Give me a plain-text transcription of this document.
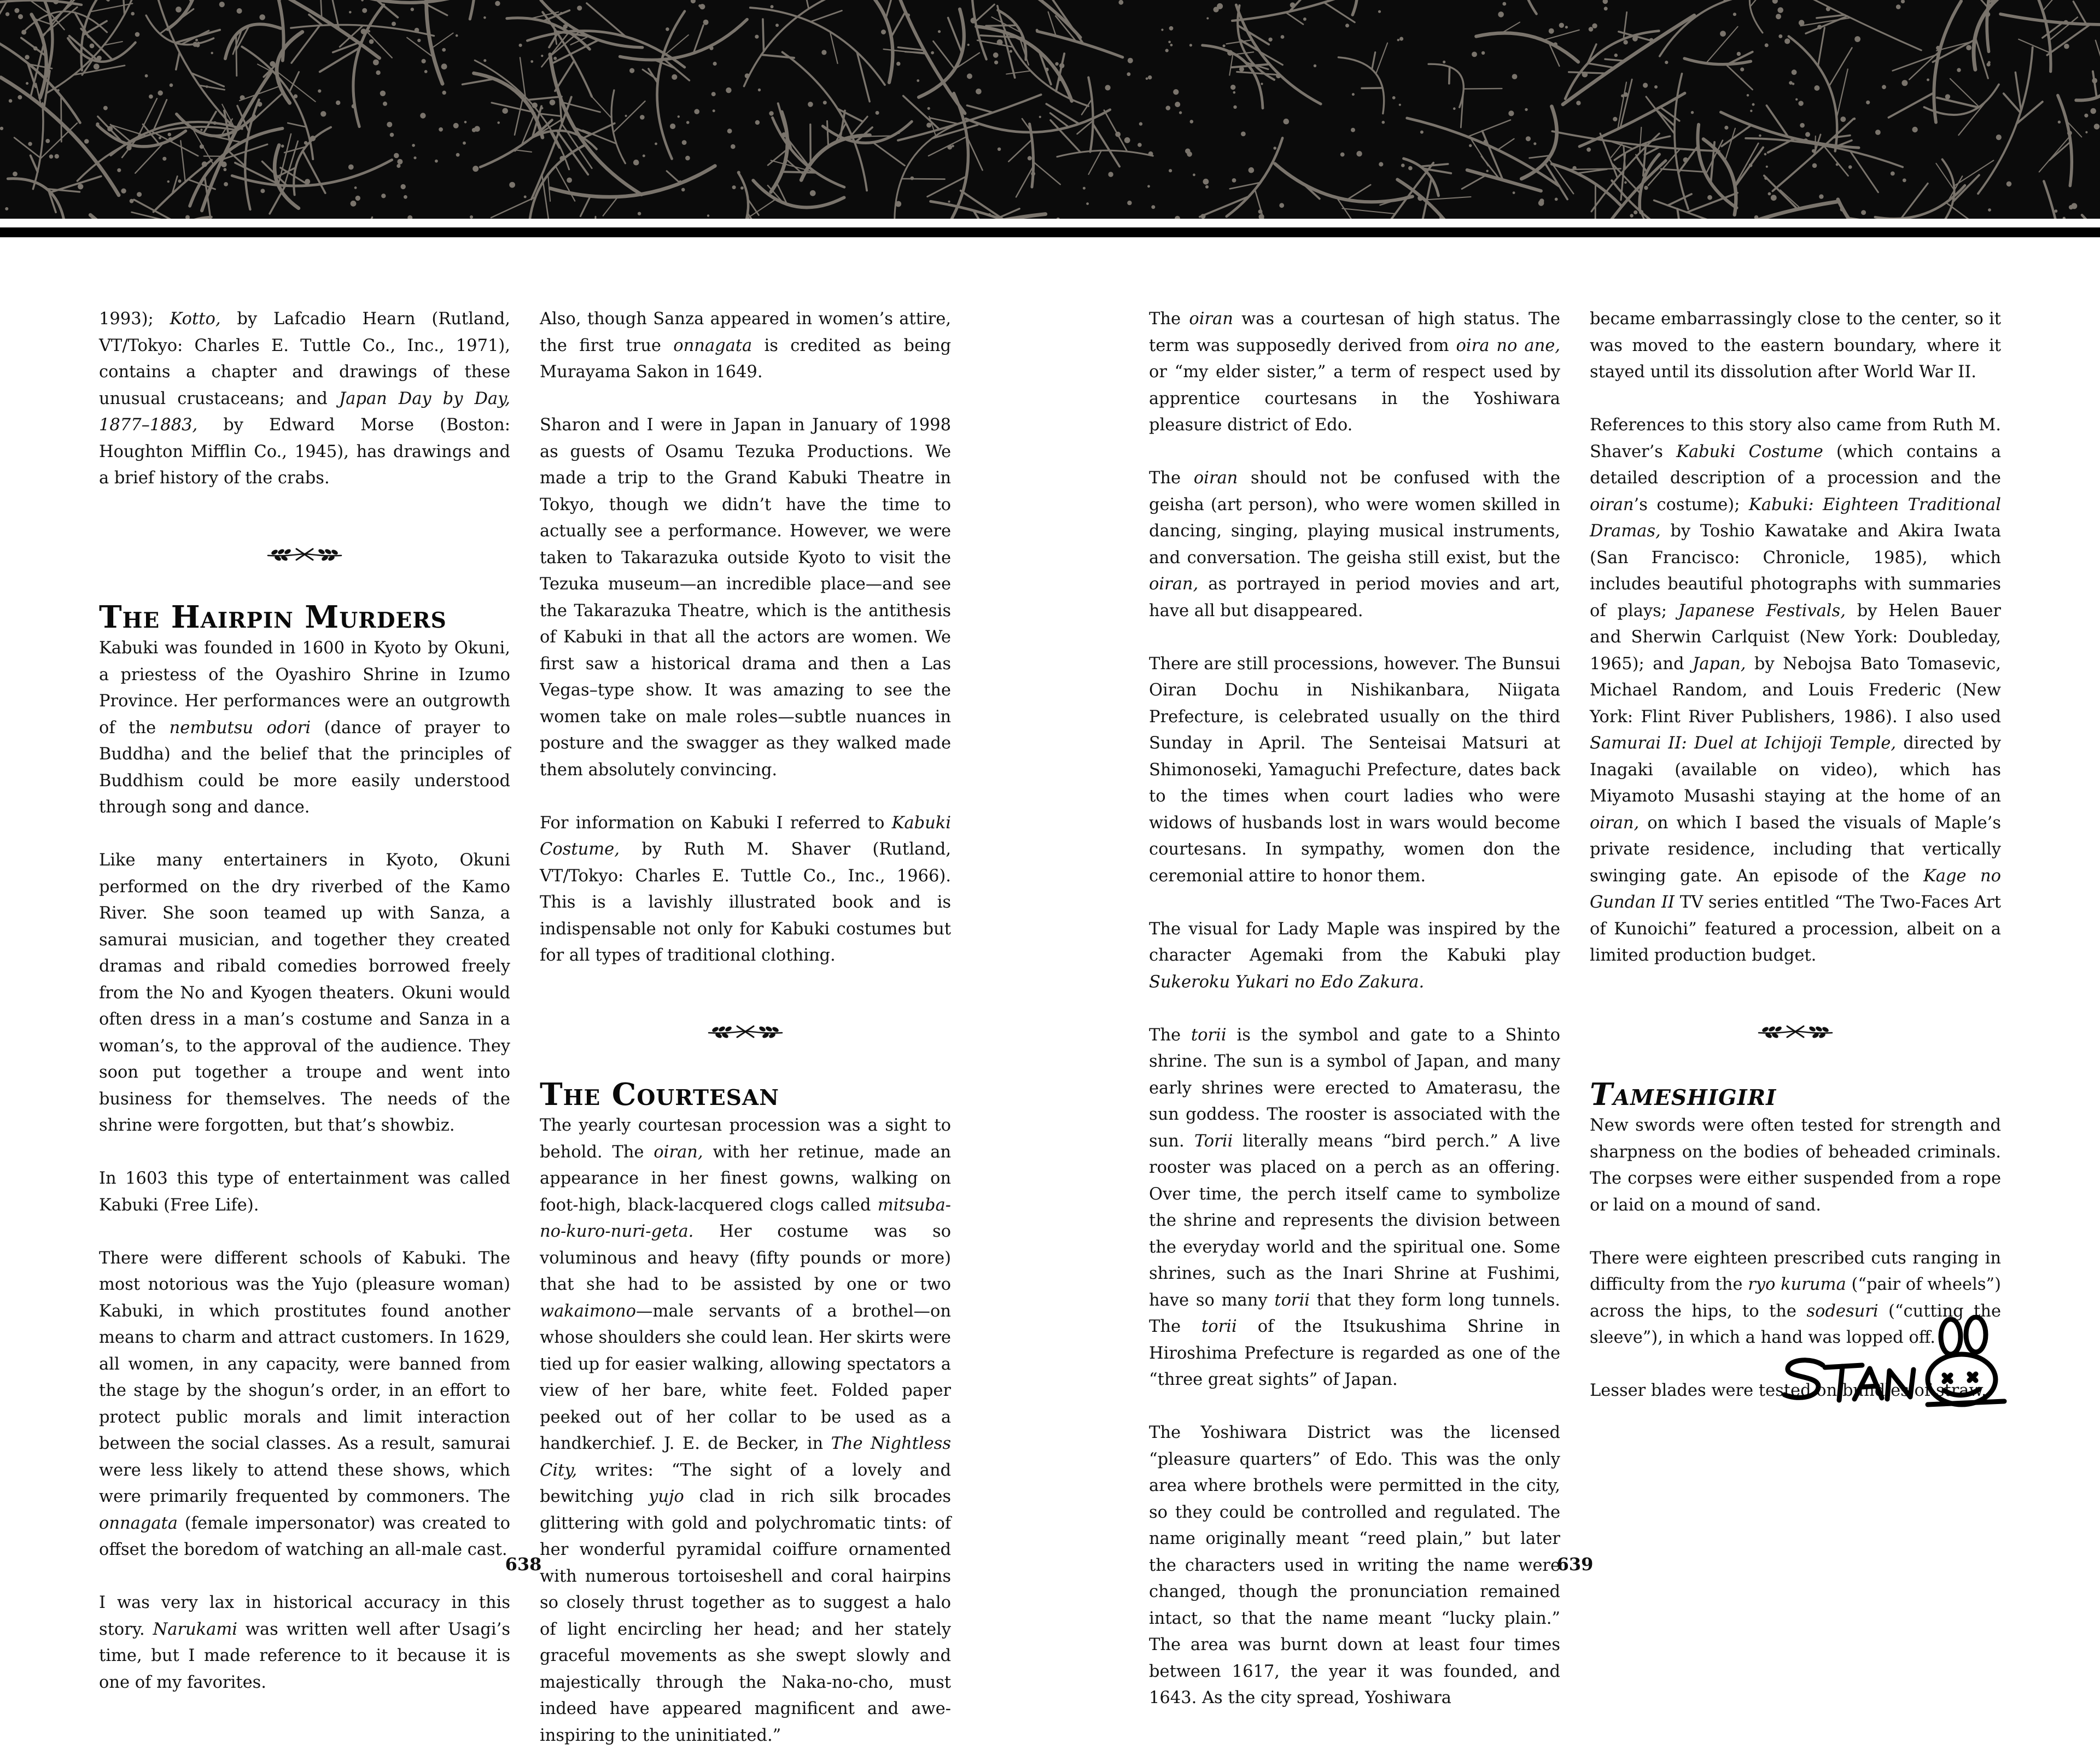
1993); Kotto, by Lafcadio Hearn (Rutland, VT/Tokyo: Charles E. Tuttle Co., Inc., 1971), contains a chapter and drawings of these unusual crustaceans; and Japan Day by Day, 1877–1883, by Edward Morse (Boston: Houghton Mifflin Co., 1945), has drawings and a brief history of the crabs.

The Hairpin Murders

Kabuki was founded in 1600 in Kyoto by Okuni, a priestess of the Oyashiro Shrine in Izumo Province. Her performances were an outgrowth of the nembutsu odori (dance of prayer to Buddha) and the belief that the principles of Buddhism could be more easily understood through song and dance.

Like many entertainers in Kyoto, Okuni performed on the dry riverbed of the Kamo River. She soon teamed up with Sanza, a samurai musician, and together they created dramas and ribald comedies borrowed freely from the No and Kyogen theaters. Okuni would often dress in a man’s costume and Sanza in a woman’s, to the approval of the audience. They soon put together a troupe and went into business for themselves. The needs of the shrine were forgotten, but that’s showbiz.

In 1603 this type of entertainment was called Kabuki (Free Life).

There were different schools of Kabuki. The most notorious was the Yujo (pleasure woman) Kabuki, in which prostitutes found another means to charm and attract customers. In 1629, all women, in any capacity, were banned from the stage by the shogun’s order, in an effort to protect public morals and limit interaction between the social classes. As a result, samurai were less likely to attend these shows, which were primarily frequented by commoners. The onnagata (female impersonator) was created to offset the boredom of watching an all-male cast.

I was very lax in historical accuracy in this story. Narukami was written well after Usagi’s time, but I made reference to it because it is one of my favorites.

Also, though Sanza appeared in women’s attire, the first true onnagata is credited as being Murayama Sakon in 1649.

Sharon and I were in Japan in January of 1998 as guests of Osamu Tezuka Productions. We made a trip to the Grand Kabuki Theatre in Tokyo, though we didn’t have the time to actually see a performance. However, we were taken to Takarazuka outside Kyoto to visit the Tezuka museum—an incredible place—and see the Takarazuka Theatre, which is the antithesis of Kabuki in that all the actors are women. We first saw a historical drama and then a Las Vegas–type show. It was amazing to see the women take on male roles—subtle nuances in posture and the swagger as they walked made them absolutely convincing.

For information on Kabuki I referred to Kabuki Costume, by Ruth M. Shaver (Rutland, VT/Tokyo: Charles E. Tuttle Co., Inc., 1966). This is a lavishly illustrated book and is indispensable not only for Kabuki costumes but for all types of traditional clothing.

The Courtesan

The yearly courtesan procession was a sight to behold. The oiran, with her retinue, made an appearance in her finest gowns, walking on foot-high, black-lacquered clogs called mitsuba-no-kuro-nuri-geta. Her costume was so voluminous and heavy (fifty pounds or more) that she had to be assisted by one or two wakaimono—male servants of a brothel—on whose shoulders she could lean. Her skirts were tied up for easier walking, allowing spectators a view of her bare, white feet. Folded paper peeked out of her collar to be used as a handkerchief. J. E. de Becker, in The Nightless City, writes: “The sight of a lovely and bewitching yujo clad in rich silk brocades glittering with gold and polychromatic tints: of her wonderful pyramidal coiffure ornamented with numerous tortoiseshell and coral hairpins so closely thrust together as to suggest a halo of light encircling her head; and her stately graceful movements as she swept slowly and majestically through the Naka-no-cho, must indeed have appeared magnificent and awe-inspiring to the uninitiated.”

638

The oiran was a courtesan of high status. The term was supposedly derived from oira no ane, or “my elder sister,” a term of respect used by apprentice courtesans in the Yoshiwara pleasure district of Edo.

The oiran should not be confused with the geisha (art person), who were women skilled in dancing, singing, playing musical instruments, and conversation. The geisha still exist, but the oiran, as portrayed in period movies and art, have all but disappeared.

There are still processions, however. The Bunsui Oiran Dochu in Nishikanbara, Niigata Prefecture, is celebrated usually on the third Sunday in April. The Senteisai Matsuri at Shimonoseki, Yamaguchi Prefecture, dates back to the times when court ladies who were widows of husbands lost in wars would become courtesans. In sympathy, women don the ceremonial attire to honor them.

The visual for Lady Maple was inspired by the character Agemaki from the Kabuki play Sukeroku Yukari no Edo Zakura.

The torii is the symbol and gate to a Shinto shrine. The sun is a symbol of Japan, and many early shrines were erected to Amaterasu, the sun goddess. The rooster is associated with the sun. Torii literally means “bird perch.” A live rooster was placed on a perch as an offering. Over time, the perch itself came to symbolize the shrine and represents the division between the everyday world and the spiritual one. Some shrines, such as the Inari Shrine at Fushimi, have so many torii that they form long tunnels. The torii of the Itsukushima Shrine in Hiroshima Prefecture is regarded as one of the “three great sights” of Japan.

The Yoshiwara District was the licensed “pleasure quarters” of Edo. This was the only area where brothels were permitted in the city, so they could be controlled and regulated. The name originally meant “reed plain,” but later the characters used in writing the name were changed, though the pronunciation remained intact, so that the name meant “lucky plain.” The area was burnt down at least four times between 1617, the year it was founded, and 1643. As the city spread, Yoshiwara

became embarrassingly close to the center, so it was moved to the eastern boundary, where it stayed until its dissolution after World War II.

References to this story also came from Ruth M. Shaver’s Kabuki Costume (which contains a detailed description of a procession and the oiran’s costume); Kabuki: Eighteen Traditional Dramas, by Toshio Kawatake and Akira Iwata (San Francisco: Chronicle, 1985), which includes beautiful photographs with summaries of plays; Japanese Festivals, by Helen Bauer and Sherwin Carlquist (New York: Doubleday, 1965); and Japan, by Nebojsa Bato Tomasevic, Michael Random, and Louis Frederic (New York: Flint River Publishers, 1986). I also used Samurai II: Duel at Ichijoji Temple, directed by Inagaki (available on video), which has Miyamoto Musashi staying at the home of an oiran, on which I based the visuals of Maple’s private residence, including that vertically swinging gate. An episode of the Kage no Gundan II TV series entitled “The Two-Faces Art of Kunoichi” featured a procession, albeit on a limited production budget.

Tameshigiri

New swords were often tested for strength and sharpness on the bodies of beheaded criminals. The corpses were either suspended from a rope or laid on a mound of sand.

There were eighteen prescribed cuts ranging in difficulty from the ryo kuruma (“pair of wheels”) across the hips, to the sodesuri (“cutting the sleeve”), in which a hand was lopped off.

Lesser blades were tested on bundles of straw.

639
